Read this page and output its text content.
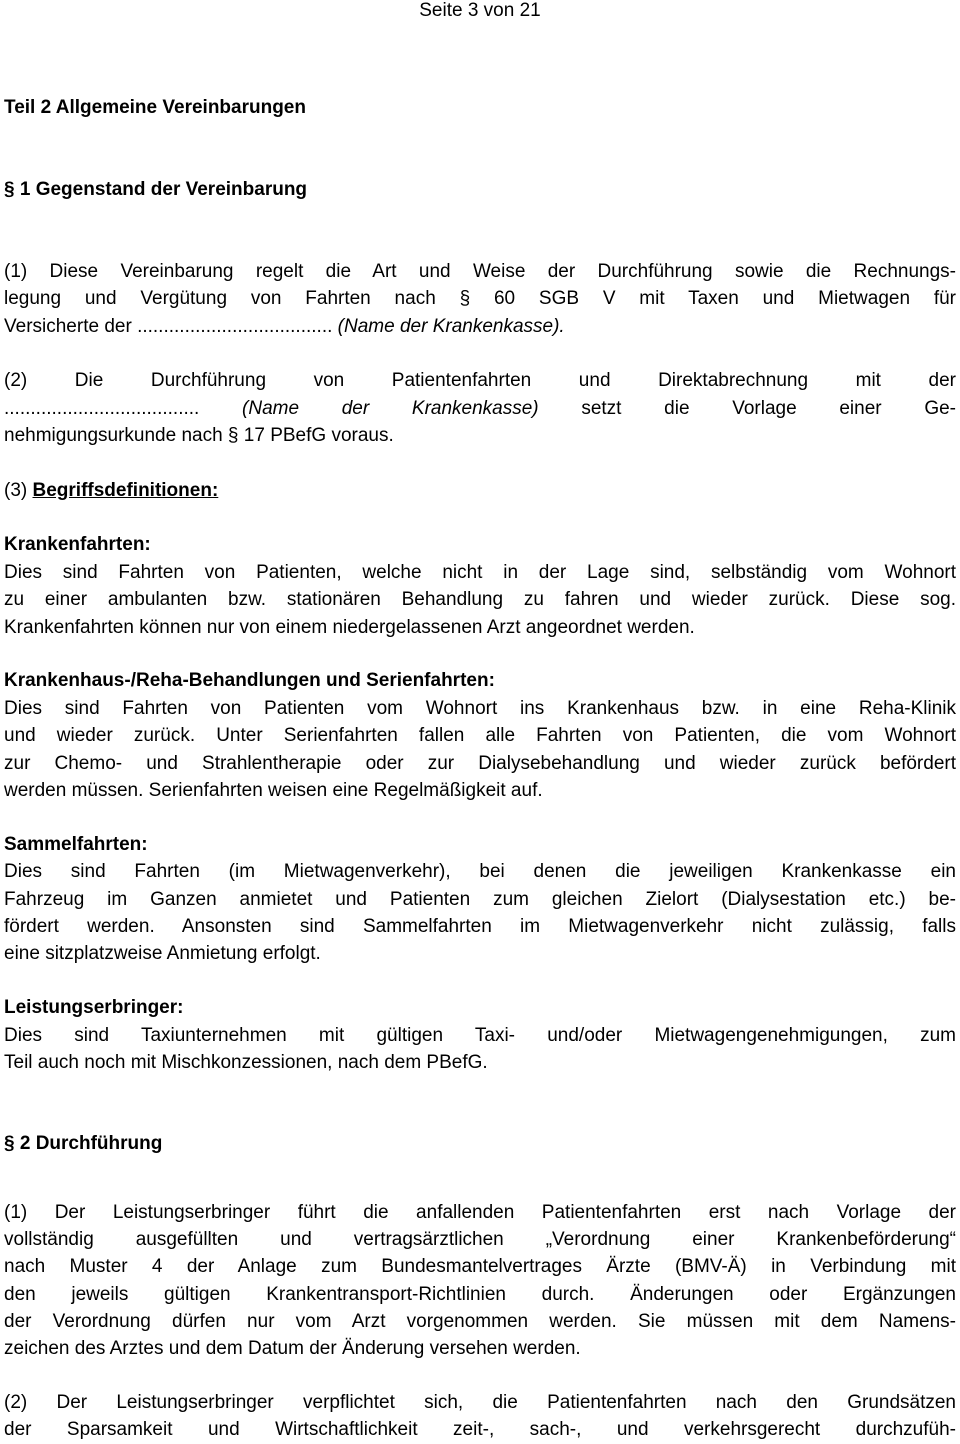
Seite 3 von 21
Teil 2 Allgemeine Vereinbarungen
§ 1 Gegenstand der Vereinbarung
(1) Diese Vereinbarung regelt die Art und Weise der Durchführung sowie die Rechnungs-
legung und Vergütung von Fahrten nach § 60 SGB V mit Taxen und Mietwagen für
Versicherte der ..................................... (Name der Krankenkasse).
(2) Die Durchführung von Patientenfahrten und Direktabrechnung mit der
..................................... (Name der Krankenkasse) setzt die Vorlage einer Ge-
nehmigungsurkunde nach § 17 PBefG voraus.
(3) Begriffsdefinitionen:
Krankenfahrten:
Dies sind Fahrten von Patienten, welche nicht in der Lage sind, selbständig vom Wohnort
zu einer ambulanten bzw. stationären Behandlung zu fahren und wieder zurück. Diese sog.
Krankenfahrten können nur von einem niedergelassenen Arzt angeordnet werden.
Krankenhaus-/Reha-Behandlungen und Serienfahrten:
Dies sind Fahrten von Patienten vom Wohnort ins Krankenhaus bzw. in eine Reha-Klinik
und wieder zurück. Unter Serienfahrten fallen alle Fahrten von Patienten, die vom Wohnort
zur Chemo- und Strahlentherapie oder zur Dialysebehandlung und wieder zurück befördert
werden müssen. Serienfahrten weisen eine Regelmäßigkeit auf.
Sammelfahrten:
Dies sind Fahrten (im Mietwagenverkehr), bei denen die jeweiligen Krankenkasse ein
Fahrzeug im Ganzen anmietet und Patienten zum gleichen Zielort (Dialysestation etc.) be-
fördert werden. Ansonsten sind Sammelfahrten im Mietwagenverkehr nicht zulässig, falls
eine sitzplatzweise Anmietung erfolgt.
Leistungserbringer:
Dies sind Taxiunternehmen mit gültigen Taxi- und/oder Mietwagengenehmigungen, zum
Teil auch noch mit Mischkonzessionen, nach dem PBefG.
§ 2 Durchführung
(1) Der Leistungserbringer führt die anfallenden Patientenfahrten erst nach Vorlage der
vollständig ausgefüllten und vertragsärztlichen „Verordnung einer Krankenbeförderung“
nach Muster 4 der Anlage zum Bundesmantelvertrages Ärzte (BMV-Ä) in Verbindung mit
den jeweils gültigen Krankentransport-Richtlinien durch. Änderungen oder Ergänzungen
der Verordnung dürfen nur vom Arzt vorgenommen werden. Sie müssen mit dem Namens-
zeichen des Arztes und dem Datum der Änderung versehen werden.
(2) Der Leistungserbringer verpflichtet sich, die Patientenfahrten nach den Grundsätzen
der Sparsamkeit und Wirtschaftlichkeit zeit-, sach-, und verkehrsgerecht durchzufüh-
